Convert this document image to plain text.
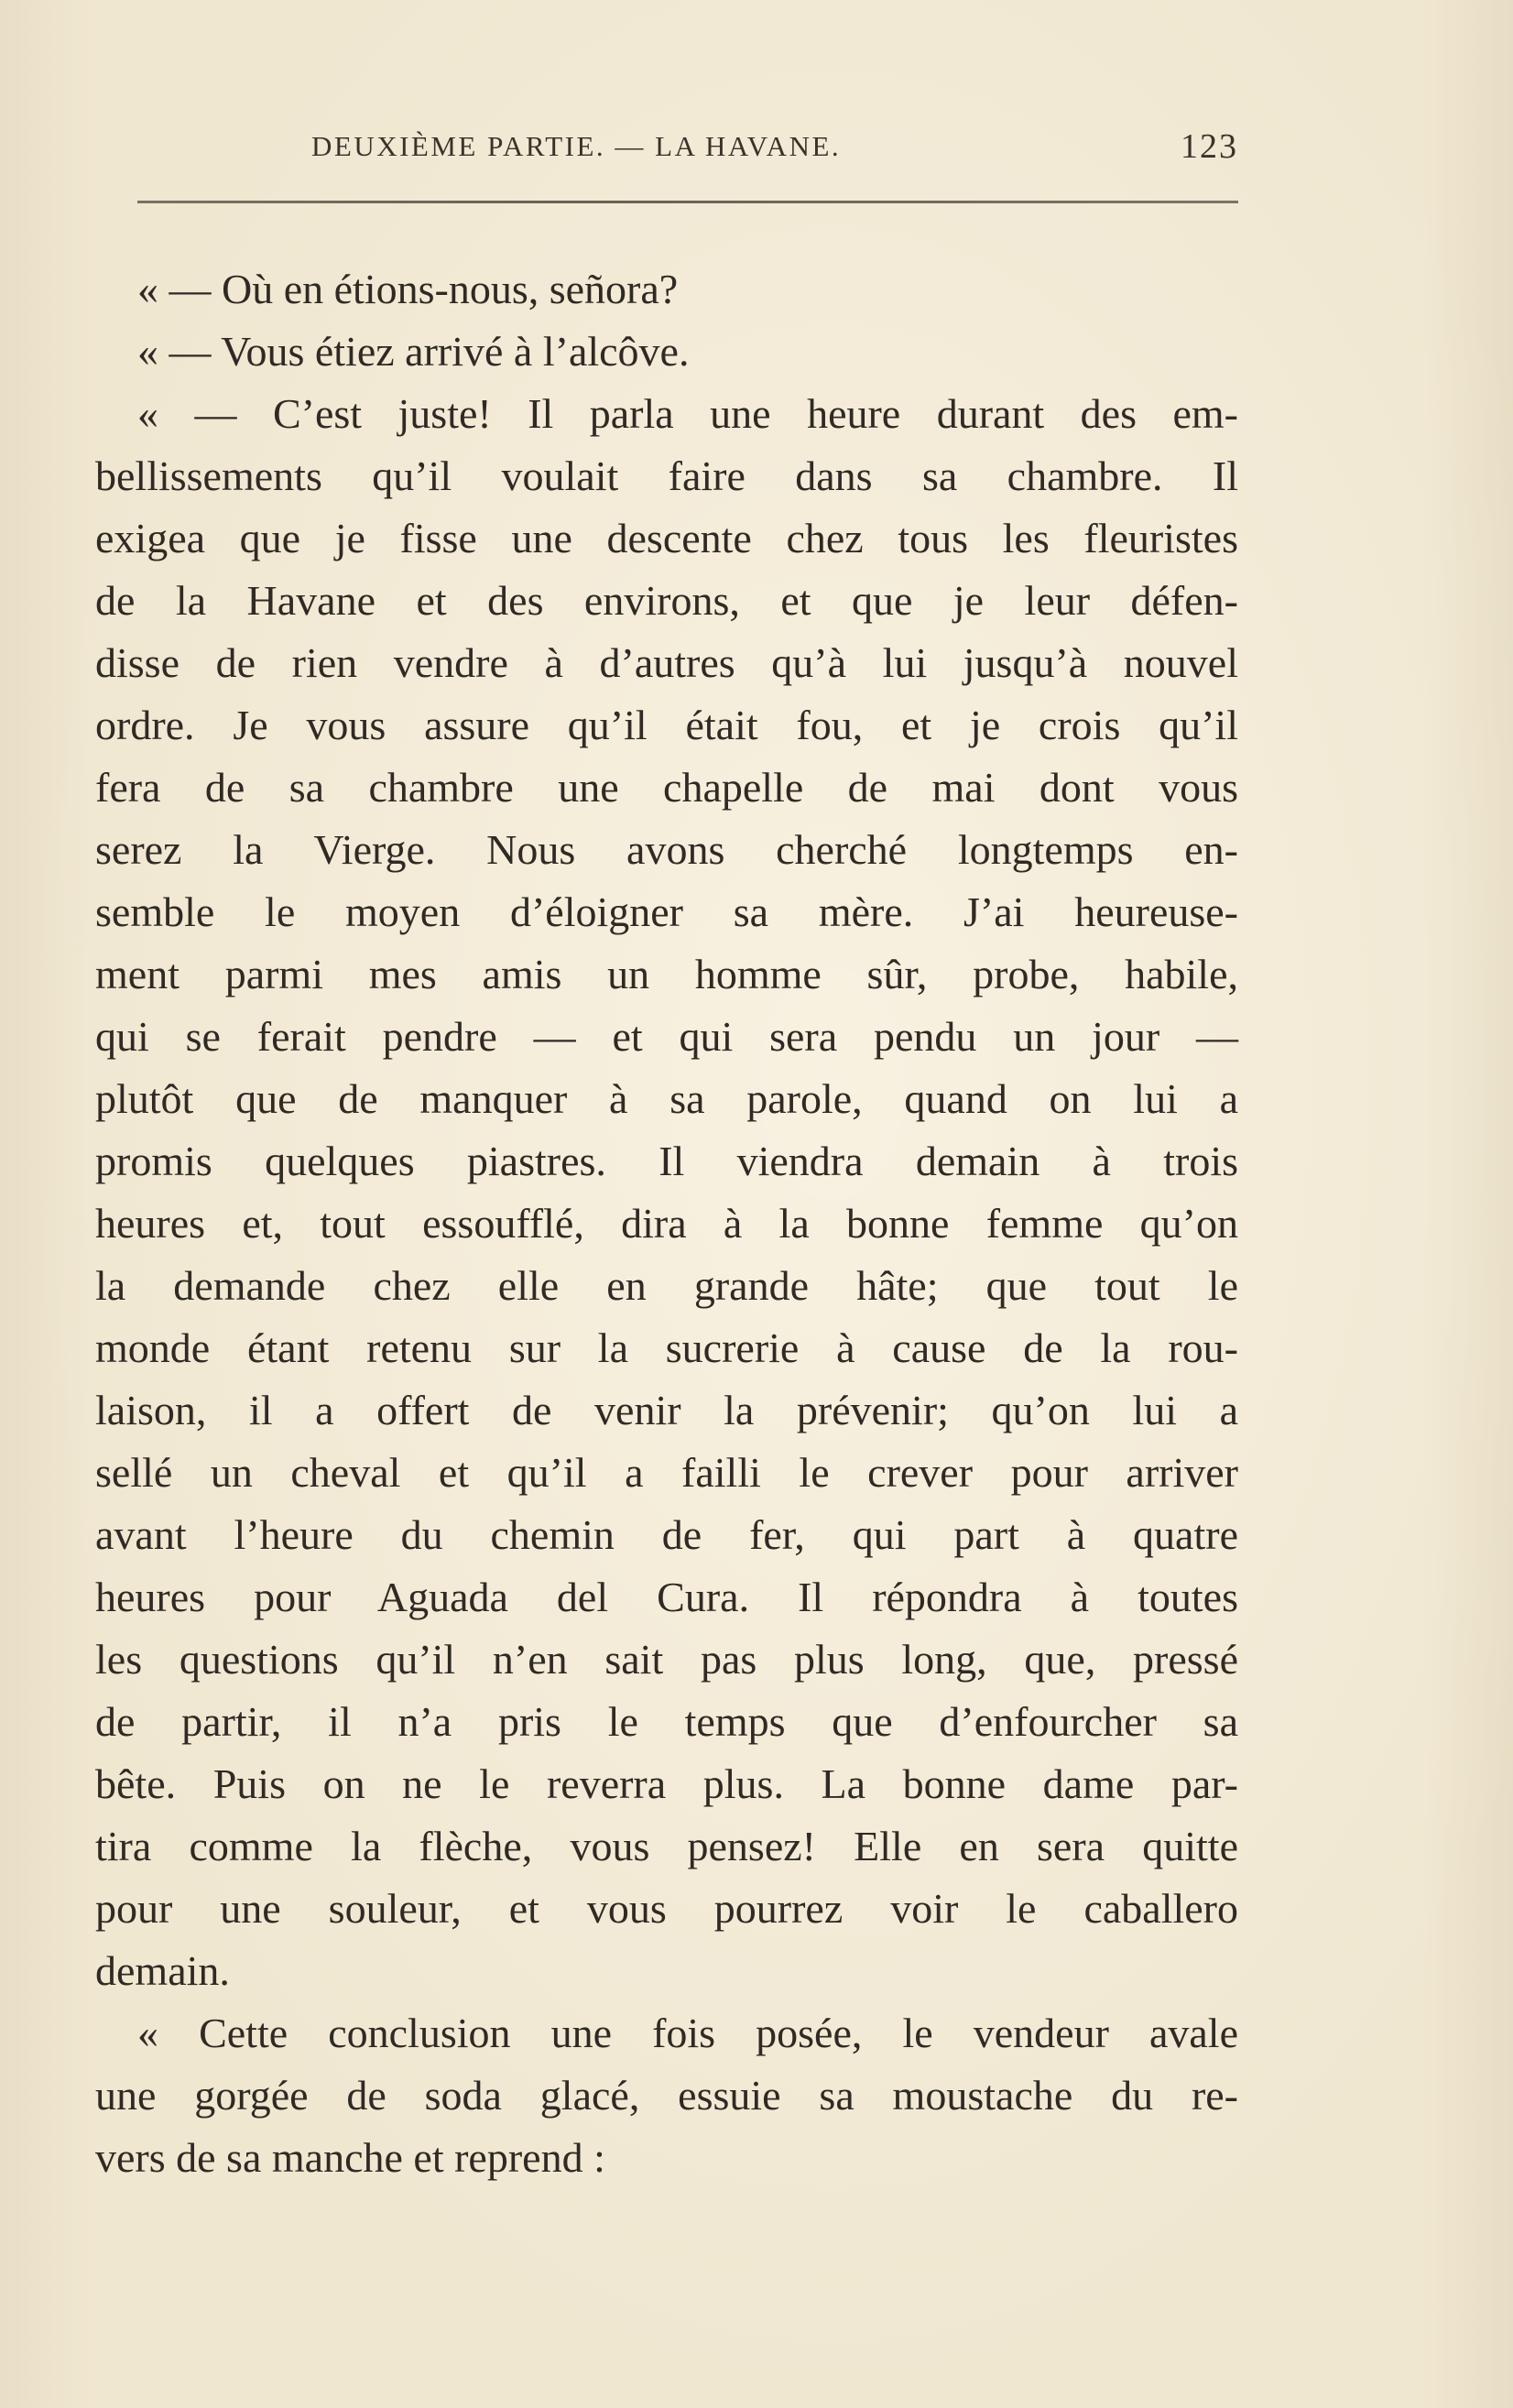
DEUXIÈME PARTIE. — LA HAVANE.	123
« — Où en étions-nous, señora?
« — Vous étiez arrivé à l’alcôve.
« — C’est juste! Il parla une heure durant des em-
bellissements qu’il voulait faire dans sa chambre. Il
exigea que je fisse une descente chez tous les fleuristes
de la Havane et des environs, et que je leur défen-
disse de rien vendre à d’autres qu’à lui jusqu’à nouvel
ordre. Je vous assure qu’il était fou, et je crois qu’il
fera de sa chambre une chapelle de mai dont vous
serez la Vierge. Nous avons cherché longtemps en-
semble le moyen d’éloigner sa mère. J’ai heureuse-
ment parmi mes amis un homme sûr, probe, habile,
qui se ferait pendre — et qui sera pendu un jour —
plutôt que de manquer à sa parole, quand on lui a
promis quelques piastres. Il viendra demain à trois
heures et, tout essoufflé, dira à la bonne femme qu’on
la demande chez elle en grande hâte; que tout le
monde étant retenu sur la sucrerie à cause de la rou-
laison, il a offert de venir la prévenir; qu’on lui a
sellé un cheval et qu’il a failli le crever pour arriver
avant l’heure du chemin de fer, qui part à quatre
heures pour Aguada del Cura. Il répondra à toutes
les questions qu’il n’en sait pas plus long, que, pressé
de partir, il n’a pris le temps que d’enfourcher sa
bête. Puis on ne le reverra plus. La bonne dame par-
tira comme la flèche, vous pensez! Elle en sera quitte
pour une souleur, et vous pourrez voir le caballero
demain.
« Cette conclusion une fois posée, le vendeur avale
une gorgée de soda glacé, essuie sa moustache du re-
vers de sa manche et reprend :
